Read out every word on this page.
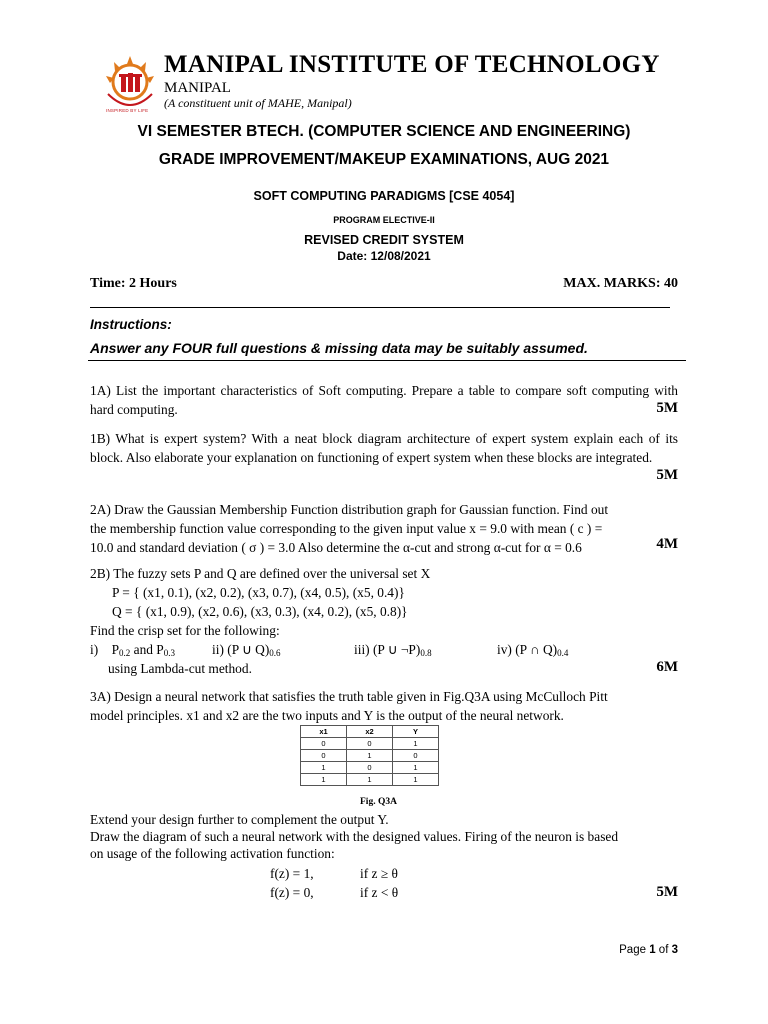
INSPIRED BY LIFE
MANIPAL INSTITUTE OF TECHNOLOGY
MANIPAL
(A constituent unit of MAHE, Manipal)
VI SEMESTER BTECH. (COMPUTER SCIENCE AND ENGINEERING)
GRADE IMPROVEMENT/MAKEUP EXAMINATIONS, AUG 2021
SOFT COMPUTING PARADIGMS [CSE 4054]
PROGRAM ELECTIVE-II
REVISED CREDIT SYSTEM
Date: 12/08/2021
Time: 2 Hours	MAX. MARKS: 40
Instructions:
Answer any FOUR full questions & missing data may be suitably assumed.
1A) List the important characteristics of Soft computing. Prepare a table to compare soft computing with hard computing.	5M
1B) What is expert system? With a neat block diagram architecture of expert system explain each of its block. Also elaborate your explanation on functioning of expert system when these blocks are integrated.
5M
2A) Draw the Gaussian Membership Function distribution graph for Gaussian function. Find out
the membership function value corresponding to the given input value x = 9.0 with mean ( c ) =
10.0 and standard deviation ( σ ) = 3.0 Also determine the α-cut and strong α-cut for α = 0.6	4M
2B) The fuzzy sets P and Q are defined over the universal set X
P = { (x1, 0.1), (x2, 0.2), (x3, 0.7), (x4, 0.5), (x5, 0.4)}
Q = { (x1, 0.9), (x2, 0.6), (x3, 0.3), (x4, 0.2), (x5, 0.8)}
Find the crisp set for the following:
i)    $P_{0.2}$ and $P_{0.3}$	ii) (P ∪ $Q)_{0.6}$	iii) (P ∪ $\neg P)_{0.8}$	iv) (P ∩ $Q)_{0.4}$
using Lambda-cut method.	6M
3A) Design a neural network that satisfies the truth table given in Fig.Q3A using McCulloch Pitt
model principles. x1 and x2 are the two inputs and Y is the output of the neural network.
x1	x2	Y
0	0	1
0	1	0
1	0	1
1	1	1
Fig. Q3A
Extend your design further to complement the output Y.
Draw the diagram of such a neural network with the designed values. Firing of the neuron is based
on usage of the following activation function:
f(z) = 1,	if z ≥ θ
f(z) = 0,	if z < θ	5M
Page 1 of 3
